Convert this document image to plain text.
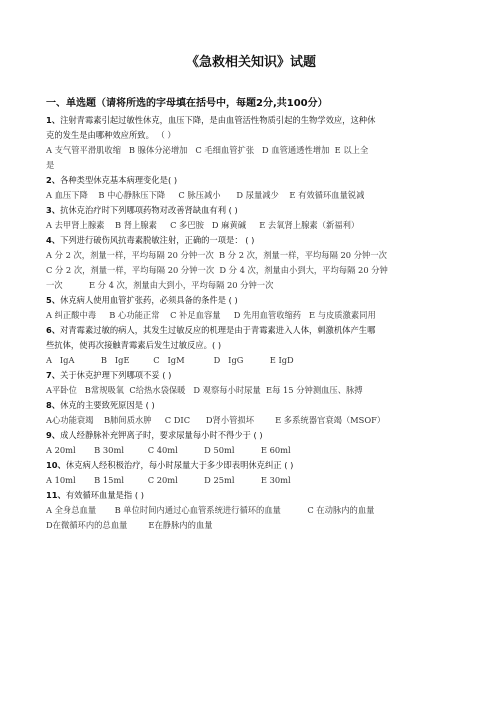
《急救相关知识》试题
一、单选题（请将所选的字母填在括号中，每题2分,共100分）
1、注射青霉素引起过敏性休克，血压下降，是由血管活性物质引起的生物学效应，这种休
克的发生是由哪种效应所致。 （ ）
A 支气管平滑肌收缩   B 腺体分泌增加   C 毛细血管扩张   D 血管通透性增加  E 以上全
是
2、各种类型休克基本病理变化是( )
A 血压下降    B 中心静脉压下降     C 脉压减小      D 尿量减少    E 有效循环血量锐减
3、抗休克治疗时下列哪项药物对改善肾缺血有利 ( )
A 去甲肾上腺素    B 肾上腺素     C 多巴胺   D 麻黄碱     E 去氧肾上腺素（新福利）
4、下列进行破伤风抗毒素脱敏注射，正确的一项是： ( )
A 分 2 次，剂量一样，平均每隔 20 分钟一次  B 分 2 次，剂量一样，平均每隔 20 分钟一次
C 分 2 次，剂量一样，平均每隔 20 分钟一次  D 分 4 次，剂量由小到大，平均每隔 20 分钟
一次          E 分 4 次，剂量由大到小，平均每隔 20 分钟一次
5、休克病人使用血管扩张药，必须具备的条件是 ( )
A 纠正酸中毒     B 心功能正常    C 补足血容量     D 先用血管收缩药   E 与皮质激素同用
6、对青霉素过敏的病人，其发生过敏反应的机理是由于青霉素进入人体，刺激机体产生哪
些抗体，使再次接触青霉素后发生过敏反应。( )
A   IgA          B   IgE         C   IgM           D   IgG          E IgD
7、关于休克护理下列哪项不妥 ( )
A平卧位   B常规吸氧  C给热水袋保暖   D 观察每小时尿量  E每 15 分钟测血压、脉搏
8、休克的主要致死原因是 ( )
A心功能衰竭    B肺间质水肿     C DIC      D肾小管损坏        E 多系统器官衰竭（MSOF）
9、成人经静脉补充钾离子时，要求尿量每小时不得少于 ( )
A 20ml       B 30ml         C 40ml          D 50ml          E 60ml
10、休克病人经积极治疗，每小时尿量大于多少即表明休克纠正 ( )
A 10ml       B 15ml         C 20ml          D 25ml          E 30ml
11、有效循环血量是指 ( )
A 全身总血量       B 单位时间内通过心血管系统进行循环的血量          C 在动脉内的血量
D在微循环内的总血量        E在静脉内的血量
